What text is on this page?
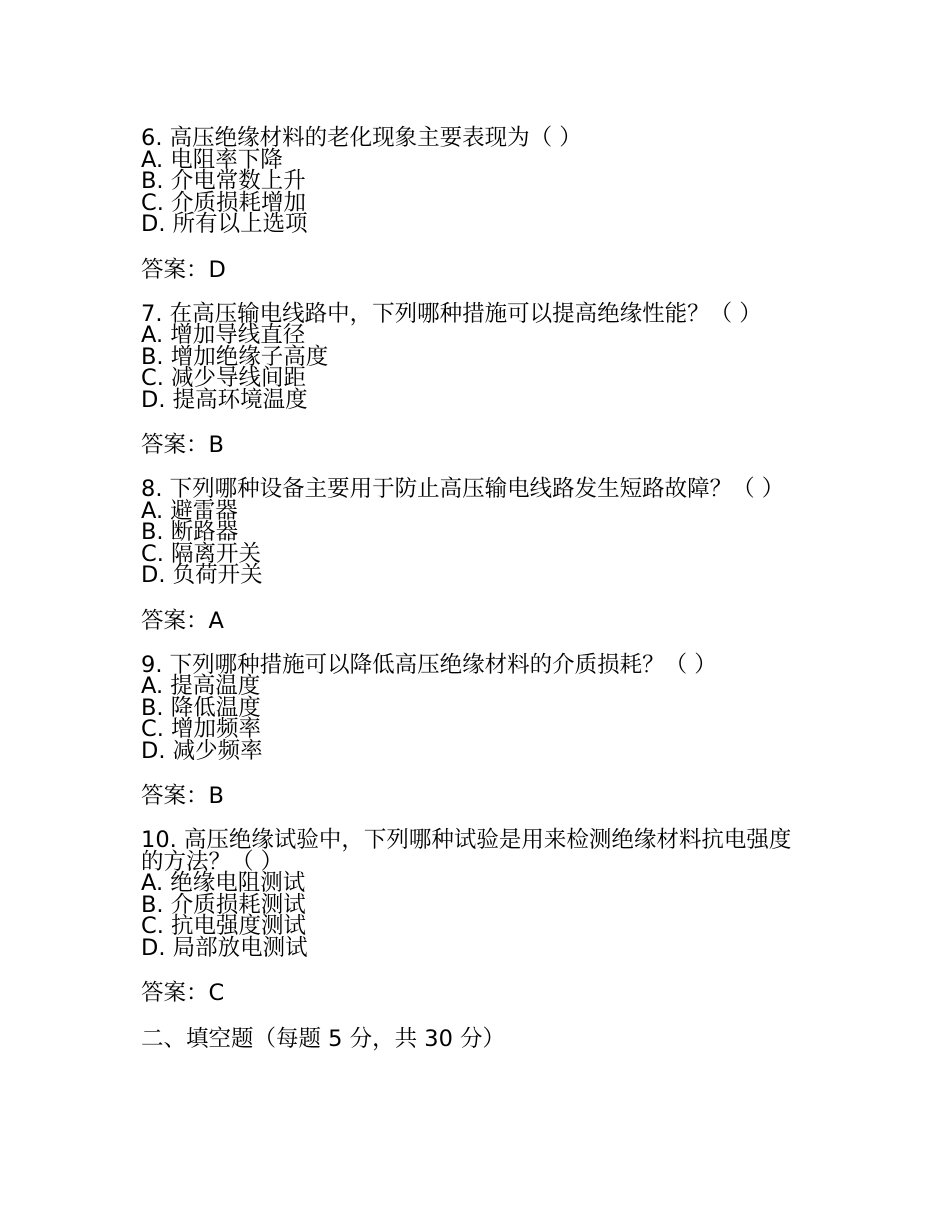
6. 高压绝缘材料的老化现象主要表现为（ ）
A. 电阻率下降
B. 介电常数上升
C. 介质损耗增加
D. 所有以上选项
答案：D
7. 在高压输电线路中，下列哪种措施可以提高绝缘性能？（ ）
A. 增加导线直径
B. 增加绝缘子高度
C. 减少导线间距
D. 提高环境温度
答案：B
8. 下列哪种设备主要用于防止高压输电线路发生短路故障？（ ）
A. 避雷器
B. 断路器
C. 隔离开关
D. 负荷开关
答案：A
9. 下列哪种措施可以降低高压绝缘材料的介质损耗？（ ）
A. 提高温度
B. 降低温度
C. 增加频率
D. 减少频率
答案：B
10. 高压绝缘试验中，下列哪种试验是用来检测绝缘材料抗电强度的方法？（ ）
A. 绝缘电阻测试
B. 介质损耗测试
C. 抗电强度测试
D. 局部放电测试
答案：C
二、填空题（每题 5 分，共 30 分）
